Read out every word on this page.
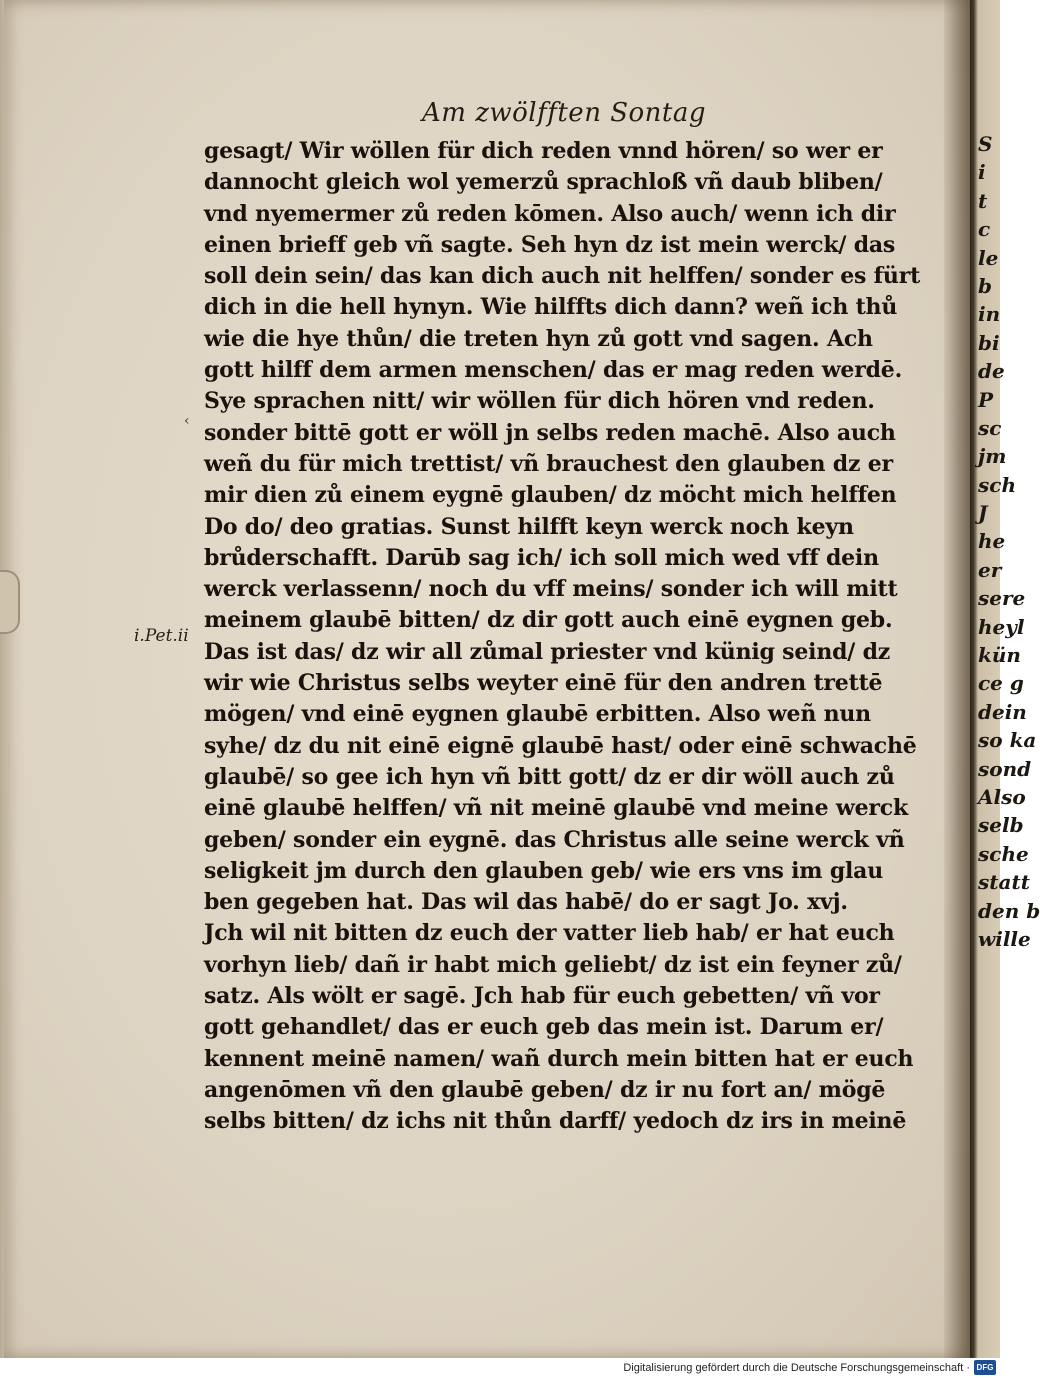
S
i
t
c
le
b
in
bi
de
P
sc
jm
sch
J
he
er
sere
heyl
kün
ce g
dein
so ka
sond
Also
selb
sche
statt
den b
wille
Am zwölfften Sontag
‹
i.Pet.ii
gesagt/ Wir wöllen für dich reden vnnd hören/ so wer er
dannocht gleich wol yemerzů sprachloß vñ daub bliben/
vnd nyemermer zů reden kōmen. Also auch/ wenn ich dir
einen brieff geb vñ sagte. Seh hyn dz ist mein werck/ das
soll dein sein/ das kan dich auch nit helffen/ sonder es fürt
dich in die hell hynyn. Wie hilffts dich dann? weñ ich thů
wie die hye thůn/ die treten hyn zů gott vnd sagen. Ach
gott hilff dem armen menschen/ das er mag reden werdē.
Sye sprachen nitt/ wir wöllen für dich hören vnd reden.
sonder bittē gott er wöll jn selbs reden machē. Also auch
weñ du für mich trettist/ vñ brauchest den glauben dz er
mir dien zů einem eygnē glauben/ dz möcht mich helffen
Do do/ deo gratias. Sunst hilfft keyn werck noch keyn
brůderschafft. Darūb sag ich/ ich soll mich wed vff dein
werck verlassenn/ noch du vff meins/ sonder ich will mitt
meinem glaubē bitten/ dz dir gott auch einē eygnen geb.
Das ist das/ dz wir all zůmal priester vnd künig seind/ dz
wir wie Christus selbs weyter einē für den andren trettē
mögen/ vnd einē eygnen glaubē erbitten. Also weñ nun
syhe/ dz du nit einē eignē glaubē hast/ oder einē schwachē
glaubē/ so gee ich hyn vñ bitt gott/ dz er dir wöll auch zů
einē glaubē helffen/ vñ nit meinē glaubē vnd meine werck
geben/ sonder ein eygnē. das Christus alle seine werck vñ
seligkeit jm durch den glauben geb/ wie ers vns im glau
ben gegeben hat. Das wil das habē/ do er sagt Jo. xvj.
Jch wil nit bitten dz euch der vatter lieb hab/ er hat euch
vorhyn lieb/ dañ ir habt mich geliebt/ dz ist ein feyner zů/
satz. Als wölt er sagē. Jch hab für euch gebetten/ vñ vor
gott gehandlet/ das er euch geb das mein ist. Darum er/
kennent meinē namen/ wañ durch mein bitten hat er euch
angenōmen vñ den glaubē geben/ dz ir nu fort an/ mögē
selbs bitten/ dz ichs nit thůn darff/ yedoch dz irs in meinē
Digitalisierung gefördert durch die Deutsche Forschungsgemeinschaft · DFG
